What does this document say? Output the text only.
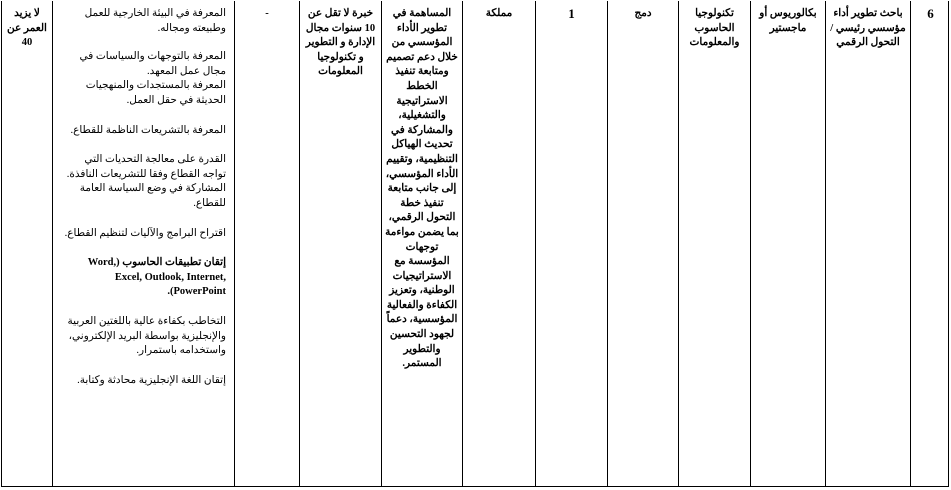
6
باحث تطوير أداء مؤسسي رئيسي /التحول الرقمي
بكالوريوس أو ماجستير
تكنولوجيا الحاسوب والمعلومات
دمج
1
مملكة
المساهمة في تطوير الأداء المؤسسي من خلال دعم تصميم ومتابعة تنفيذ الخطط الاستراتيجية والتشغيلية، والمشاركة في تحديث الهياكل التنظيمية، وتقييم الأداء المؤسسي، إلى جانب متابعة تنفيذ خطة التحول الرقمي، بما يضمن مواءمة توجهات المؤسسة مع الاستراتيجيات الوطنية، وتعزيز الكفاءة والفعالية المؤسسية، دعماً لجهود التحسين والتطوير المستمر.
خبرة لا تقل عن 10 سنوات مجال الإدارة و التطوير و تكنولوجيا المعلومات
-

المعرفة في البيئة الخارجية للعمل وطبيعته ومجاله.

المعرفة بالتوجهات والسياسات في مجال عمل المعهد.

المعرفة بالمستجدات والمنهجيات الحديثة في حقل العمل.

المعرفة بالتشريعات الناظمة للقطاع.

القدرة على معالجة التحديات التي تواجه القطاع وفقا للتشريعات النافذة.

المشاركة في وضع السياسة العامة للقطاع.

اقتراح البرامج والآليات لتنظيم القطاع.

إتقان تطبيقات الحاسوب (Word, Excel, Outlook, Internet, PowerPoint).

التخاطب بكفاءة عالية باللغتين العربية والإنجليزية بواسطة البريد الإلكتروني، واستخدامه باستمرار.

إتقان اللغة الإنجليزية محادثة وكتابة.

لا يزيد العمر عن 40
